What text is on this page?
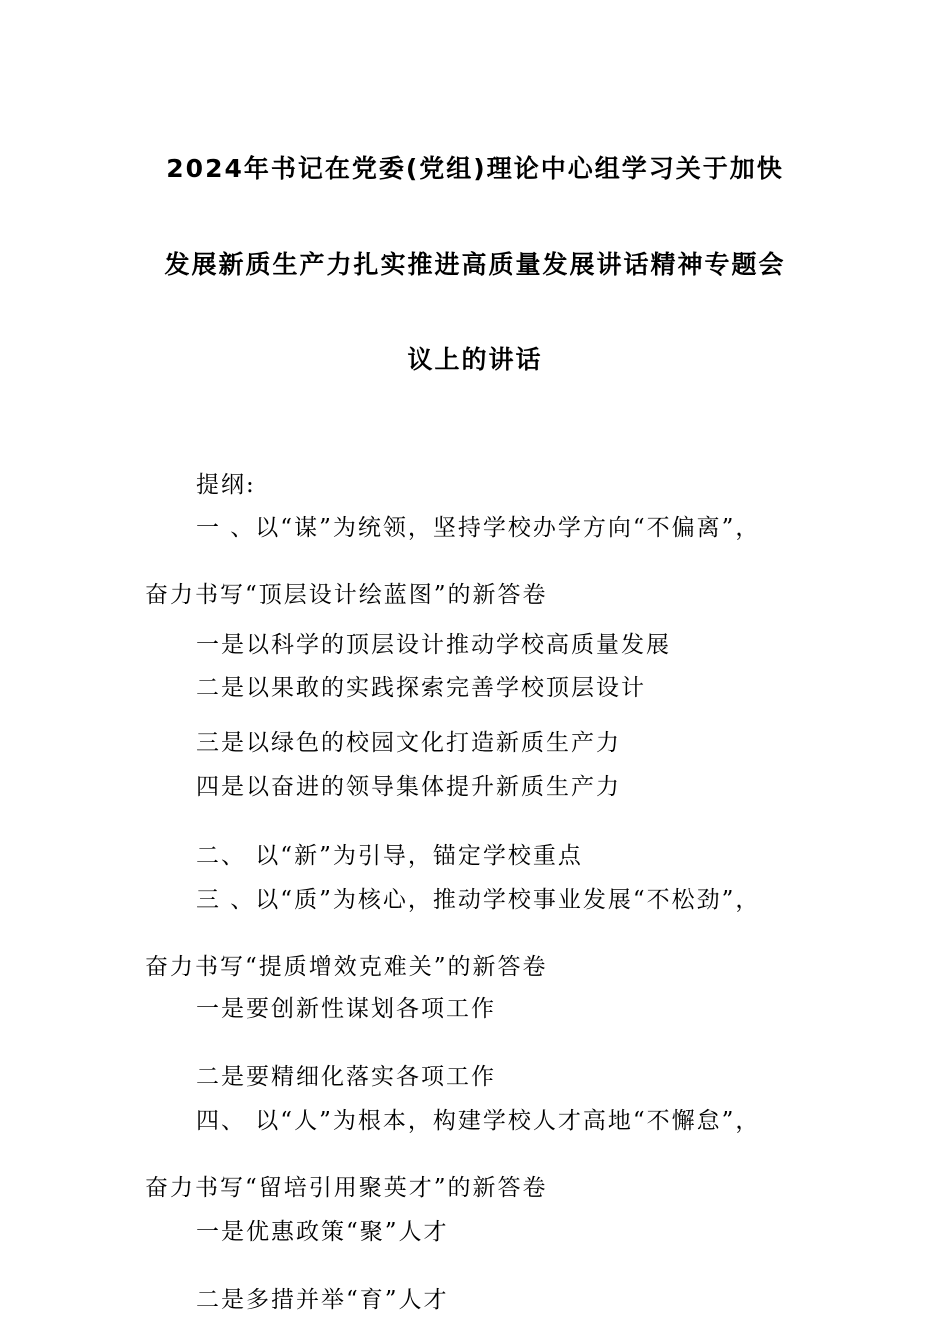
2024年书记在党委(党组)理论中心组学习关于加快
发展新质生产力扎实推进高质量发展讲话精神专题会
议上的讲话
提纲:
一 、以“谋”为统领，坚持学校办学方向“不偏离”，
奋力书写“顶层设计绘蓝图”的新答卷
一是以科学的顶层设计推动学校高质量发展
二是以果敢的实践探索完善学校顶层设计
三是以绿色的校园文化打造新质生产力
四是以奋进的领导集体提升新质生产力
二、 以“新”为引导，锚定学校重点
三 、以“质”为核心，推动学校事业发展“不松劲”，
奋力书写“提质增效克难关”的新答卷
一是要创新性谋划各项工作
二是要精细化落实各项工作
四、 以“人”为根本，构建学校人才高地“不懈怠”，
奋力书写“留培引用聚英才”的新答卷
一是优惠政策“聚”人才
二是多措并举“育”人才
